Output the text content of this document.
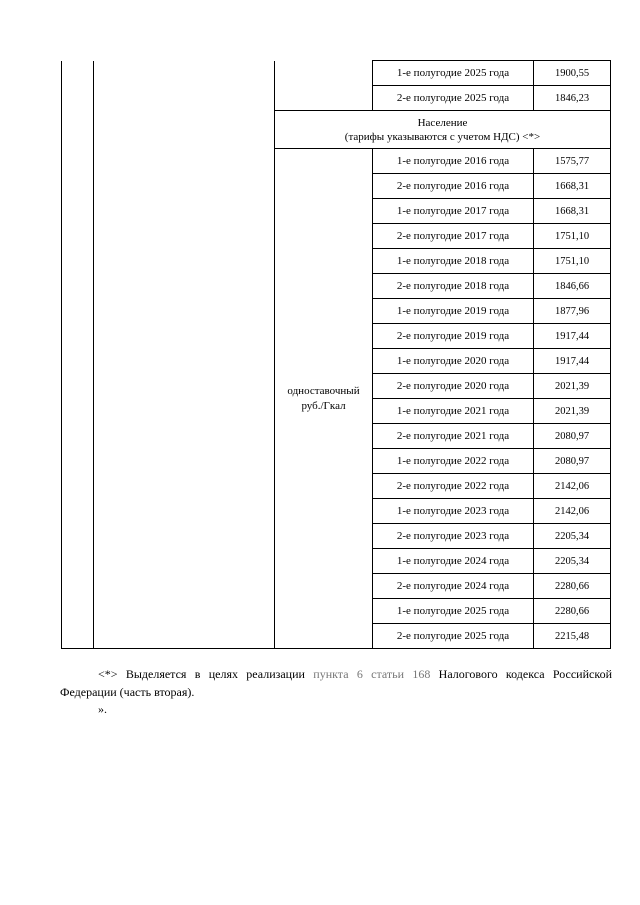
			1-е полугодие 2025 года	1900,55
			2-е полугодие 2025 года	1846,23

		Население
(тарифы указываются с учетом НДС) <*>		

		одноставочный
руб./Гкал	1-е полугодие 2016 года	1575,77
			2-е полугодие 2016 года	1668,31
			1-е полугодие 2017 года	1668,31
			2-е полугодие 2017 года	1751,10
			1-е полугодие 2018 года	1751,10
			2-е полугодие 2018 года	1846,66
			1-е полугодие 2019 года	1877,96
			2-е полугодие 2019 года	1917,44
			1-е полугодие 2020 года	1917,44
			2-е полугодие 2020 года	2021,39
			1-е полугодие 2021 года	2021,39
			2-е полугодие 2021 года	2080,97
			1-е полугодие 2022 года	2080,97
			2-е полугодие 2022 года	2142,06
			1-е полугодие 2023 года	2142,06
			2-е полугодие 2023 года	2205,34
			1-е полугодие 2024 года	2205,34
			2-е полугодие 2024 года	2280,66
			1-е полугодие 2025 года	2280,66
			2-е полугодие 2025 года	2215,48
<*> Выделяется в целях реализации пункта 6 статьи 168 Налогового кодекса Российской Федерации (часть вторая).
».
